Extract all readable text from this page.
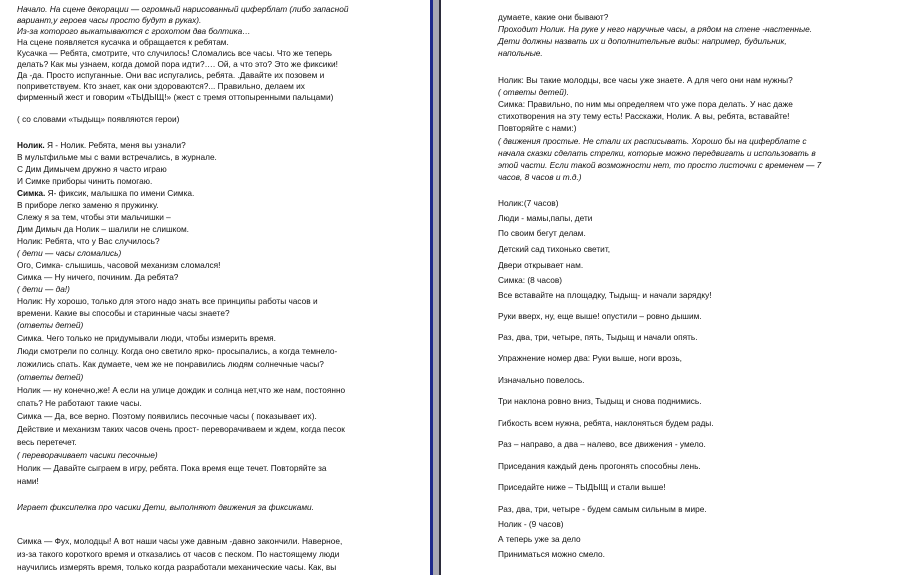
Начало. На сцене декорации — огромный нарисованный циферблат (либо запасной
вариант,у героев часы просто будут в руках).
Из-за которого выкатываются с грохотом два болтика…
На сцене появляется кусачка и обращается к ребятам.
Кусачка — Ребята, смотрите, что случилось! Сломались все часы. Что же теперь
делать? Как мы узнаем, когда домой пора идти?…. Ой, а что это? Это же фиксики!
Да -да. Просто испуганные. Они вас испугались, ребята. .Давайте их позовем и
поприветствуем. Кто знает, как они здороваются?... Правильно, делаем их
фирменный жест и говорим «ТЫДЫЩ!» (жест с тремя оттопыренными пальцами)
( со словами «тыдыщ» появляются герои)
Нолик. Я - Нолик. Ребята, меня вы узнали?
В мультфильме мы с вами встречались, в журнале.
С Дим Димычем дружно я часто играю
И Симке приборы чинить помогаю.
Симка. Я- фиксик, малышка по имени Симка.
В приборе легко заменю я пружинку.
Слежу я за тем, чтобы эти мальчишки –
Дим Димыч да Нолик – шалили не слишком.
Нолик: Ребята, что у Вас случилось?
( дети — часы сломались)
Ого, Симка- слышишь, часовой механизм сломался!
Симка — Ну ничего, починим. Да ребята?
( дети — да!)
Нолик: Ну хорошо, только для этого надо знать все принципы работы часов и
времени. Какие вы способы и старинные часы знаете?
(ответы детей)
Симка. Чего только не придумывали люди, чтобы измерить время.
Люди смотрели по солнцу. Когда оно светило ярко- просыпались, а когда темнело-
ложились спать. Как думаете, чем же не понравились людям солнечные часы?
(ответы детей)
Нолик — ну конечно,же! А если на улице дождик и солнца нет,что же нам, постоянно
спать? Не работают такие часы.
Симка — Да, все верно. Поэтому появились песочные часы ( показывает их).
Действие и механизм таких часов очень прост- переворачиваем и ждем, когда песок
весь перетечет.
( переворачивает часики песочные)
Нолик — Давайте сыграем в игру, ребята. Пока время еще течет. Повторяйте за
нами!
Играет фиксипелка про часики Дети, выполняют движения за фиксиками.
Симка — Фух, молодцы! А вот наши часы уже давным -давно закончили. Наверное,
из-за такого короткого время и отказались от часов с песком. По настоящему люди
научились измерять время, только когда разработали механические часы. Как, вы
думаете, какие они бывают?
Проходит Нолик. На руке у него наручные часы, а рядом на стене -настенные.
Дети должны назвать их и дополнительные виды: например, будильник,
напольные.
Нолик: Вы такие молодцы, все часы уже знаете. А для чего они нам нужны?
( ответы детей).
Симка: Правильно, по ним мы определяем что уже пора делать. У нас даже
стихотворения на эту тему есть! Расскажи, Нолик. А вы, ребята, вставайте!
Повторяйте с нами:)
( движения простые. Не стали их расписывать. Хорошо бы на циферблате с
начала сказки сделать стрелки, которые можно передвигать и использовать в
этой части. Если такой возможности нет, то просто листочки с временем — 7
часов, 8 часов и т.д.)
Нолик:(7 часов)
Люди - мамы,папы, дети
По своим бегут делам.
Детский сад тихонько светит,
Двери открывает нам.
Симка: (8 часов)
Все вставайте на площадку, Тыдыщ- и начали зарядку!
Руки вверх, ну, еще выше! опустили – ровно дышим.
Раз, два, три, четыре, пять, Тыдыщ и начали опять.
Упражнение номер два: Руки выше, ноги врозь,
Изначально повелось.
Три наклона ровно вниз, Тыдыщ и снова поднимись.
Гибкость всем нужна, ребята, наклоняться будем рады.
Раз – направо, а два – налево, все движения - умело.
Приседания каждый день прогонять способны лень.
Приседайте ниже – ТЫДЫЩ и стали выше!
Раз, два, три, четыре - будем самым сильным в мире.
Нолик - (9 часов)
А теперь уже за дело
Приниматься можно смело.
